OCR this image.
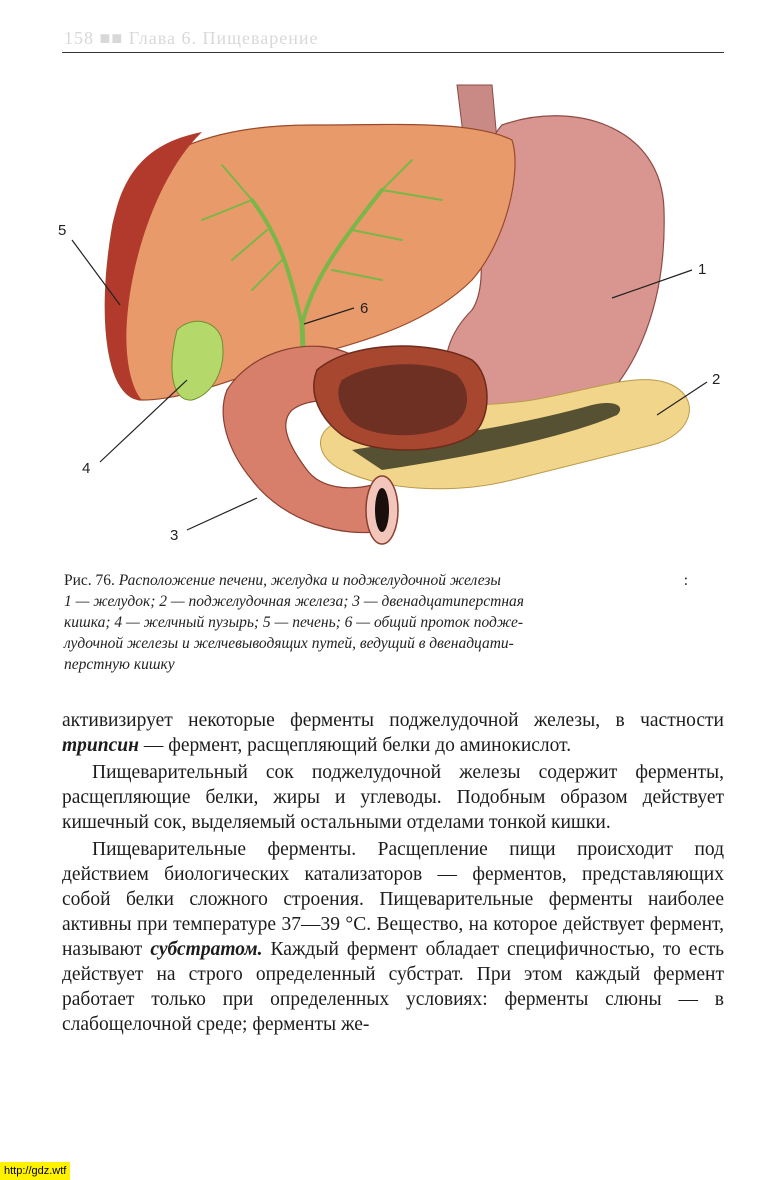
158 ■■ Глава 6. Пищеварение
1
2
3
4
5
6
Рис. 76. Расположение печени, желудка и поджелудочной железы	:
1 — желудок; 2 — поджелудочная железа; 3 — двенадцатиперстная
кишка; 4 — желчный пузырь; 5 — печень; 6 — общий проток подже-
лудочной железы и желчевыводящих путей, ведущий в двенадцати-
перстную кишку

активизирует некоторые ферменты поджелудочной железы, в частности трипсин — фермент, расщепляющий белки до аминокислот.

Пищеварительный сок поджелудочной железы содержит ферменты, расщепляющие белки, жиры и углеводы. Подобным образом действует кишечный сок, выделяемый остальными отделами тонкой кишки.

Пищеварительные ферменты. Расщепление пищи происходит под действием биологических катализаторов — ферментов, представляющих собой белки сложного строения. Пищеварительные ферменты наиболее активны при температуре 37—39 °С. Вещество, на которое действует фермент, называют субстратом. Каждый фермент обладает специфичностью, то есть действует на строго определенный субстрат. При этом каждый фермент работает только при определенных условиях: ферменты слюны — в слабощелочной среде; ферменты же-

http://gdz.wtf
